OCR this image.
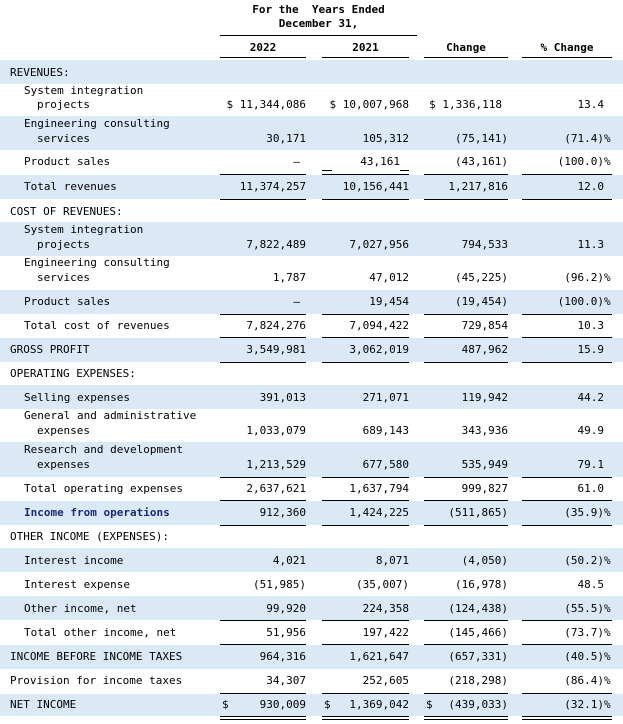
For the  Years Ended
December 31,
2022	2021	Change	% Change
REVENUES:
System integration
projects	$ 11,344,086	$ 10,007,968	$ 1,336,118	13.4
Engineering consulting
services	30,171	105,312	(75,141)	(71.4) %
Product sales	—	43,161	(43,161)	(100.0) %
Total revenues	11,374,257	10,156,441	1,217,816	12.0
COST OF REVENUES:
System integration
projects	7,822,489	7,027,956	794,533	11.3
Engineering consulting
services	1,787	47,012	(45,225)	(96.2) %
Product sales	—	19,454	(19,454)	(100.0) %
Total cost of revenues	7,824,276	7,094,422	729,854	10.3
GROSS PROFIT	3,549,981	3,062,019	487,962	15.9
OPERATING EXPENSES:
Selling expenses	391,013	271,071	119,942	44.2
General and administrative
expenses	1,033,079	689,143	343,936	49.9
Research and development
expenses	1,213,529	677,580	535,949	79.1
Total operating expenses	2,637,621	1,637,794	999,827	61.0
Income from operations	912,360	1,424,225	(511,865)	(35.9) %
OTHER INCOME (EXPENSES):
Interest income	4,021	8,071	(4,050)	(50.2) %
Interest expense	(51,985)	(35,007)	(16,978)	48.5
Other income, net	99,920	224,358	(124,438)	(55.5) %
Total other income, net	51,956	197,422	(145,466)	(73.7) %
INCOME BEFORE INCOME TAXES	964,316	1,621,647	(657,331)	(40.5) %
Provision for income taxes	34,307	252,605	(218,298)	(86.4) %
NET INCOME	$	930,009 $	1,369,042 $	(439,033)	(32.1) %
